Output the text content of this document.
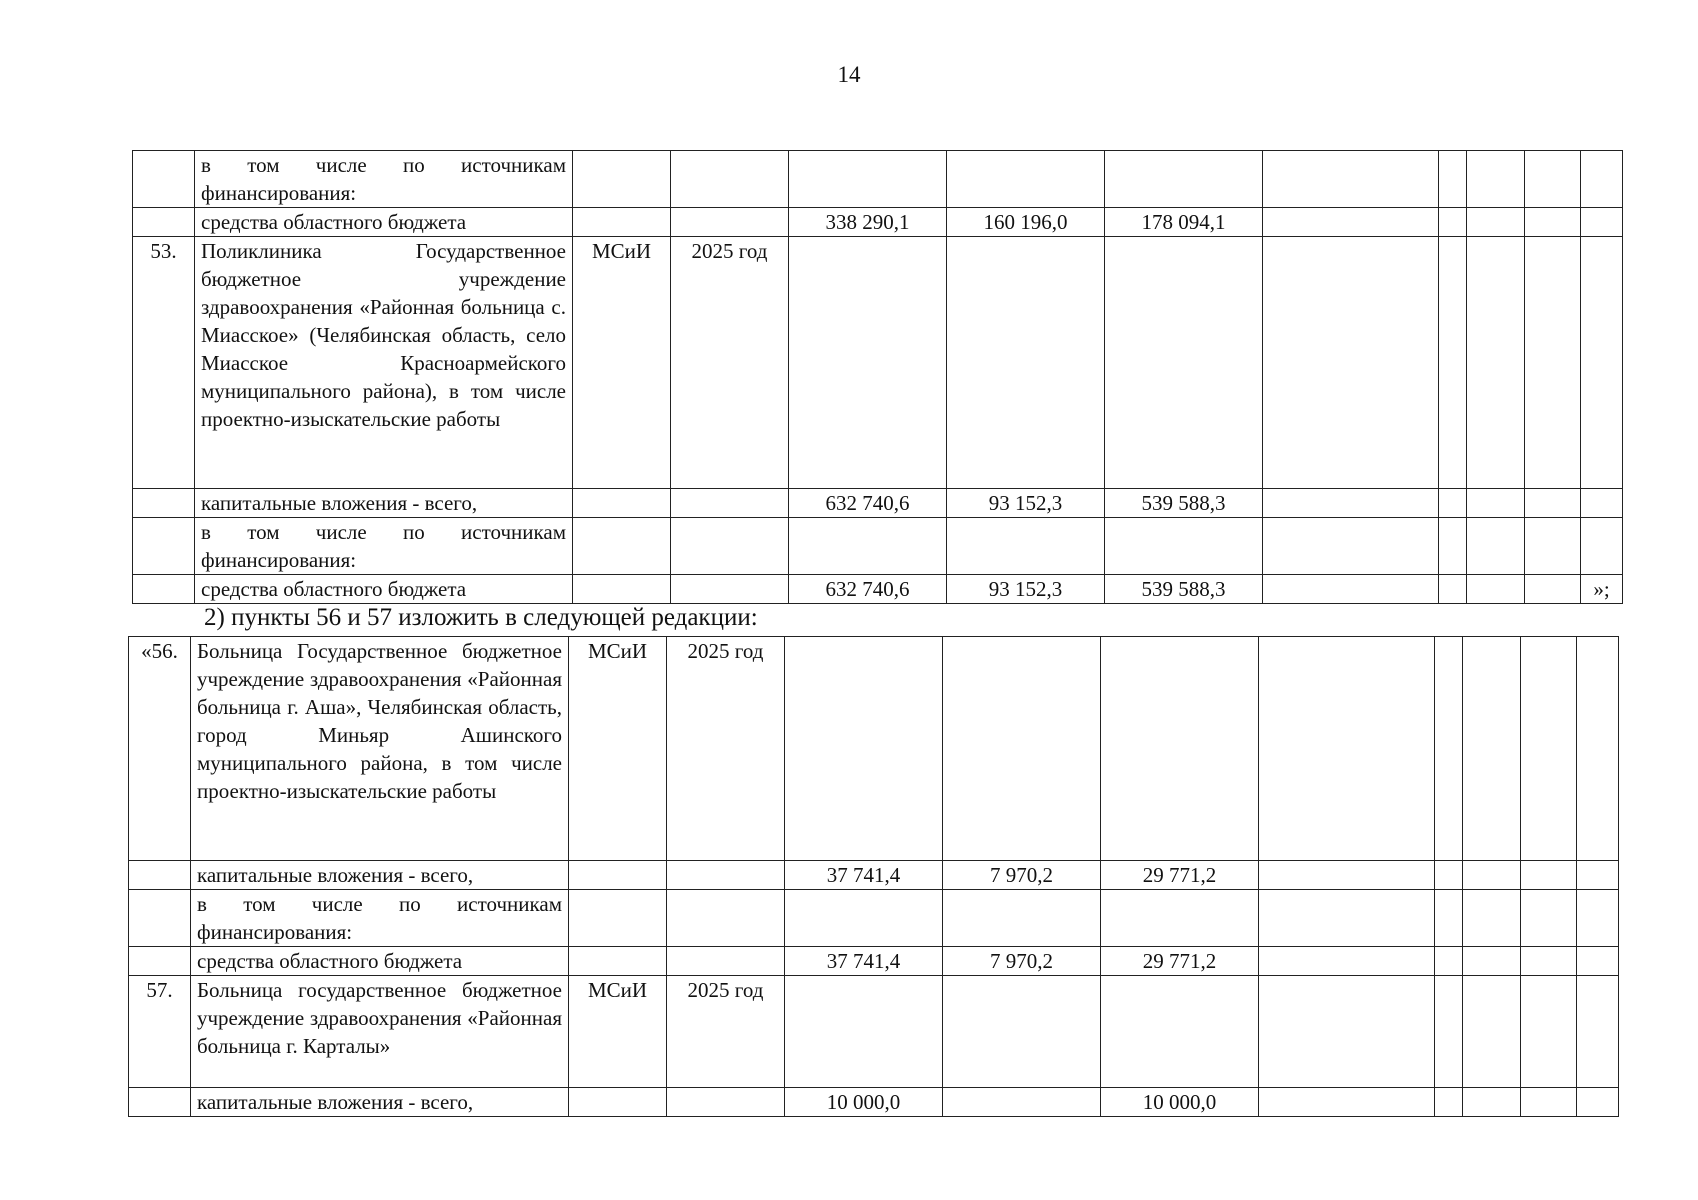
14
	в том числе по источникам финансирования:										
	средства областного бюджета			338 290,1	160 196,0	178 094,1					
53.	Поликлиника Государственное бюджетное учреждение здравоохранения «Районная больница с. Миасское» (Челябинская область, село Миасское Красноармейского муниципального района), в том числе проектно-изыскательские работы	МСиИ	2025 год								
	капитальные вложения - всего,			632 740,6	93 152,3	539 588,3					
	в том числе по источникам финансирования:										
	средства областного бюджета			632 740,6	93 152,3	539 588,3					»;
2) пункты 56 и 57 изложить в следующей редакции:
«56.	Больница Государственное бюджетное учреждение здравоохранения «Районная больница г. Аша», Челябинская область, город Миньяр Ашинского муниципального района, в том числе проектно-изыскательские работы	МСиИ	2025 год								
	капитальные вложения - всего,			37 741,4	7 970,2	29 771,2					
	в том числе по источникам финансирования:										
	средства областного бюджета			37 741,4	7 970,2	29 771,2					
57.	Больница государственное бюджетное учреждение здравоохранения «Районная больница г. Карталы»	МСиИ	2025 год								
	капитальные вложения - всего,			10 000,0		10 000,0					
